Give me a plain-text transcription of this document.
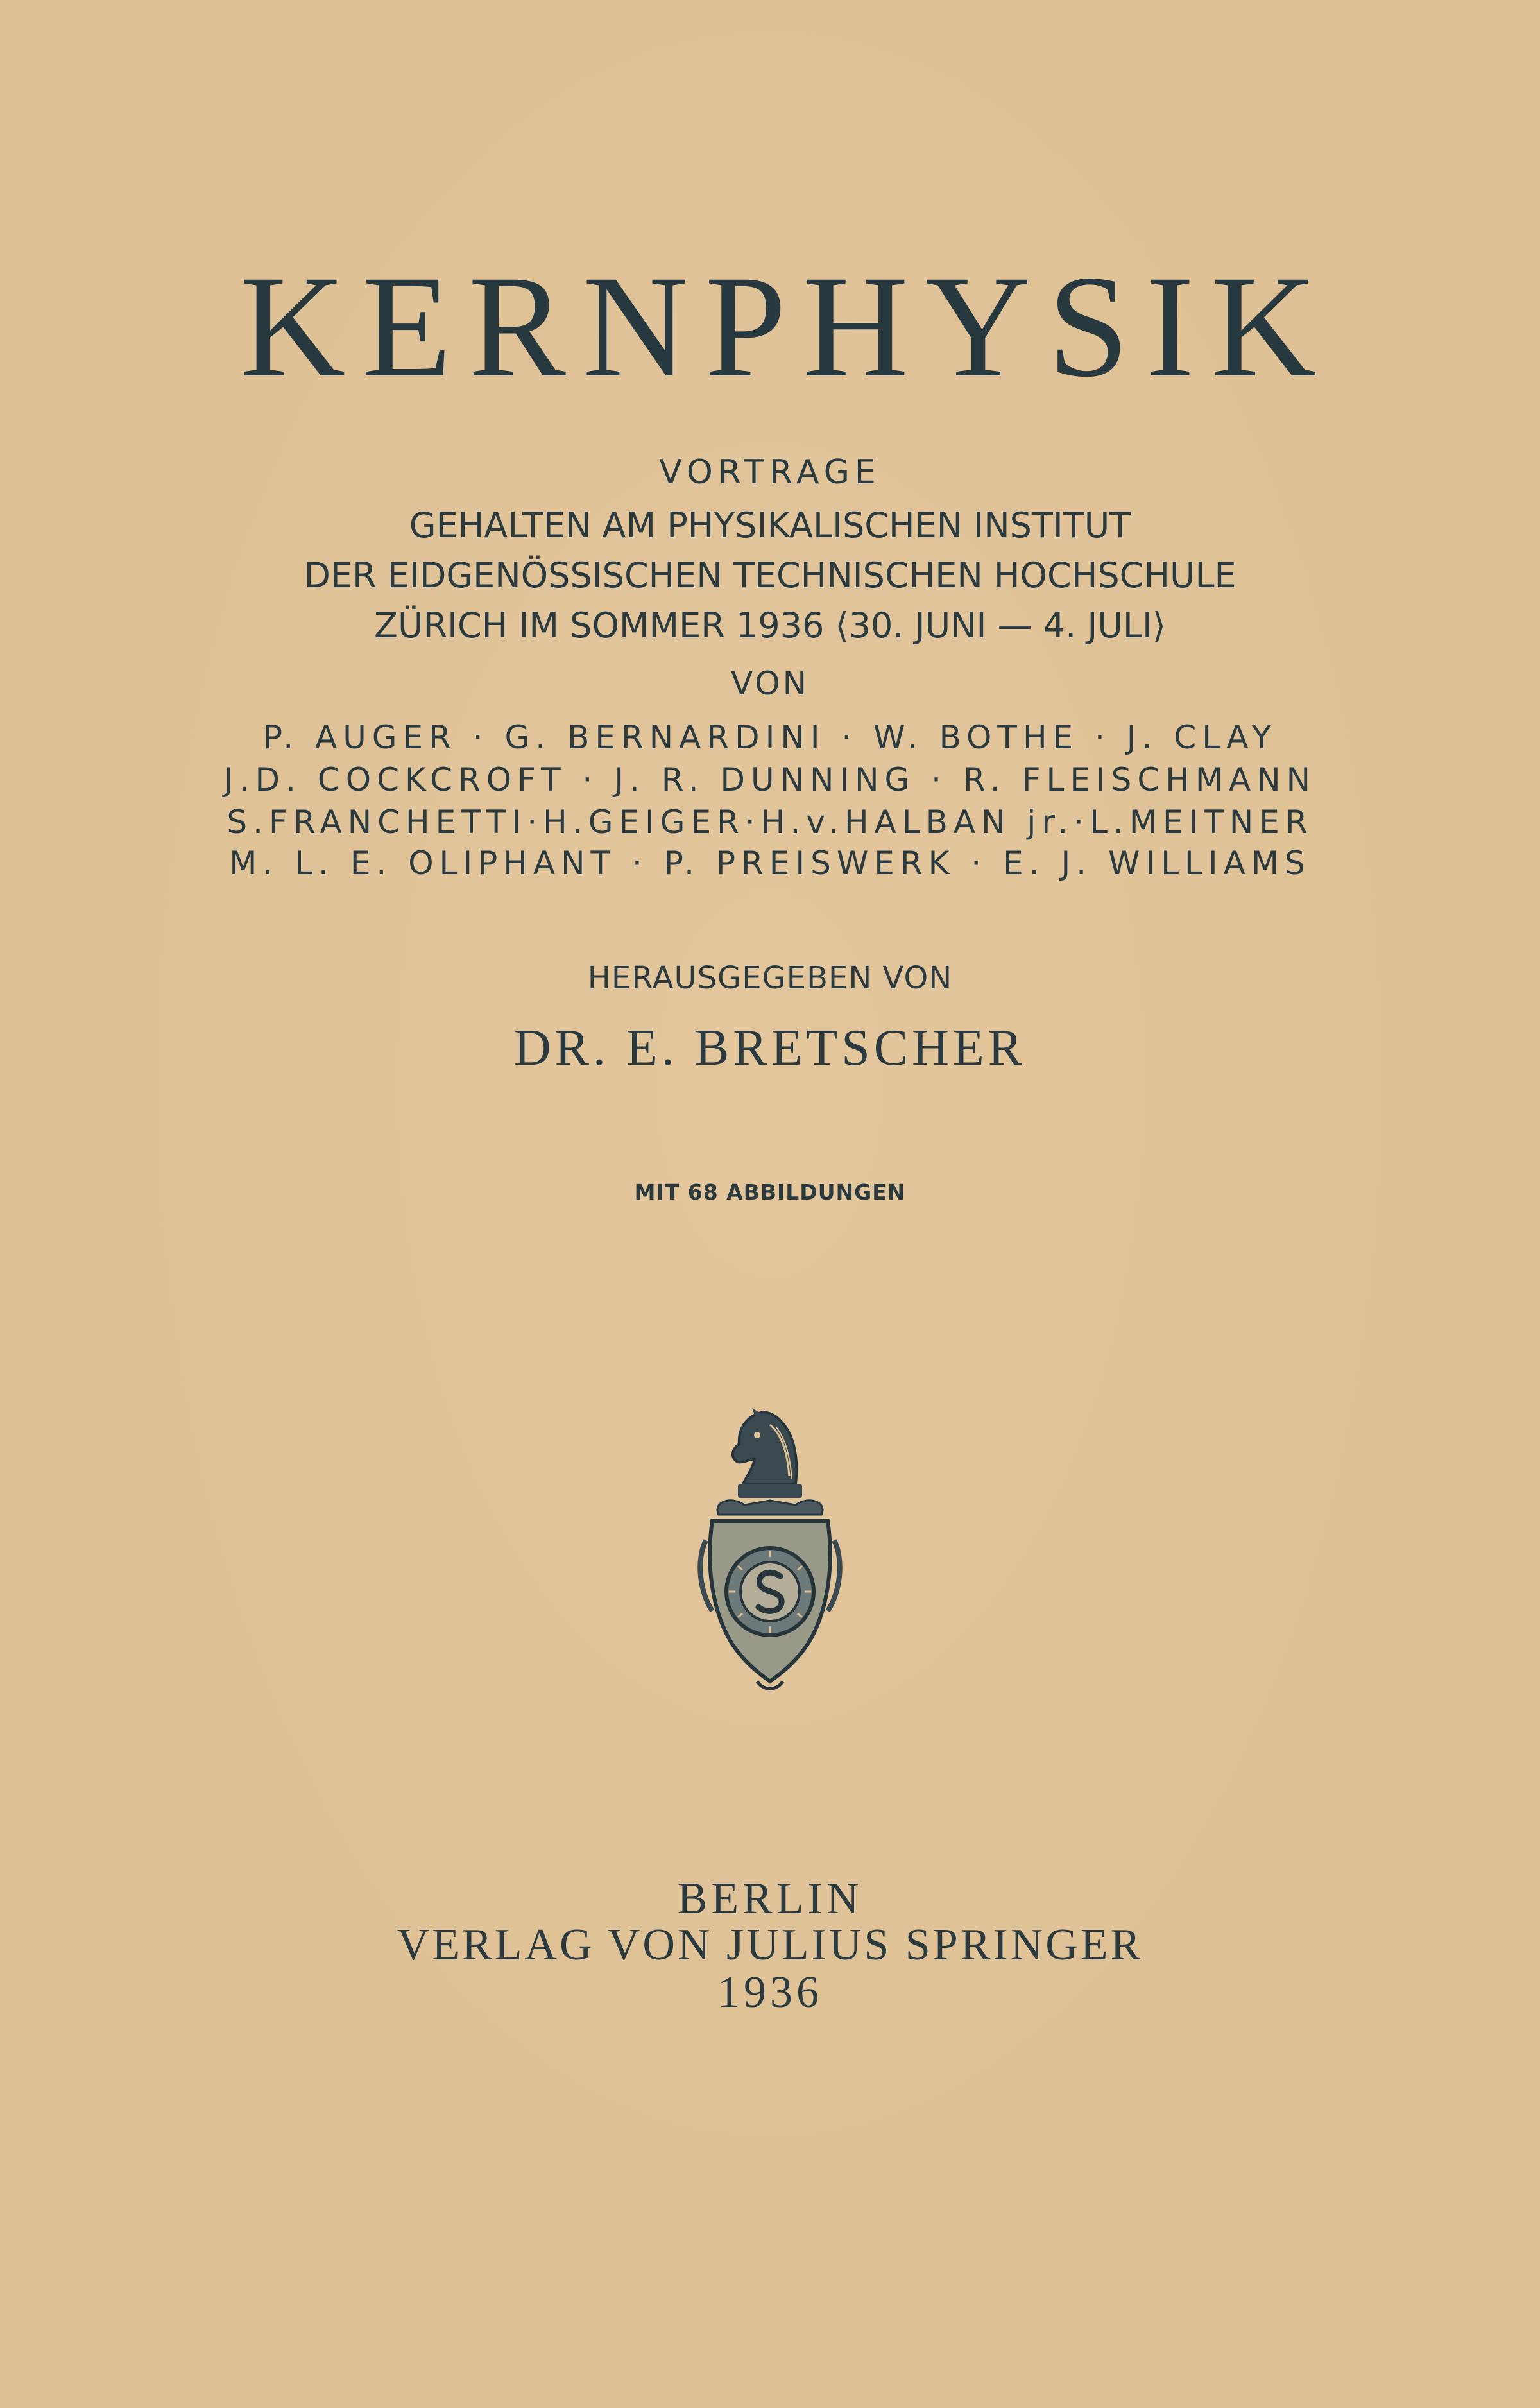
KERNPHYSIK
VORTRAGE
GEHALTEN AM PHYSIKALISCHEN INSTITUT
DER EIDGENÖSSISCHEN TECHNISCHEN HOCHSCHULE
ZÜRICH IM SOMMER 1936 ⟨30. JUNI — 4. JULI⟩
VON
P. AUGER · G. BERNARDINI · W. BOTHE · J. CLAY
J.D. COCKCROFT · J. R. DUNNING · R. FLEISCHMANN
S.FRANCHETTI·H.GEIGER·H.v.HALBAN jr.·L.MEITNER
M. L. E. OLIPHANT · P. PREISWERK · E. J. WILLIAMS
HERAUSGEGEBEN VON
DR. E. BRETSCHER
MIT 68 ABBILDUNGEN
BERLIN
VERLAG VON JULIUS SPRINGER
1936
